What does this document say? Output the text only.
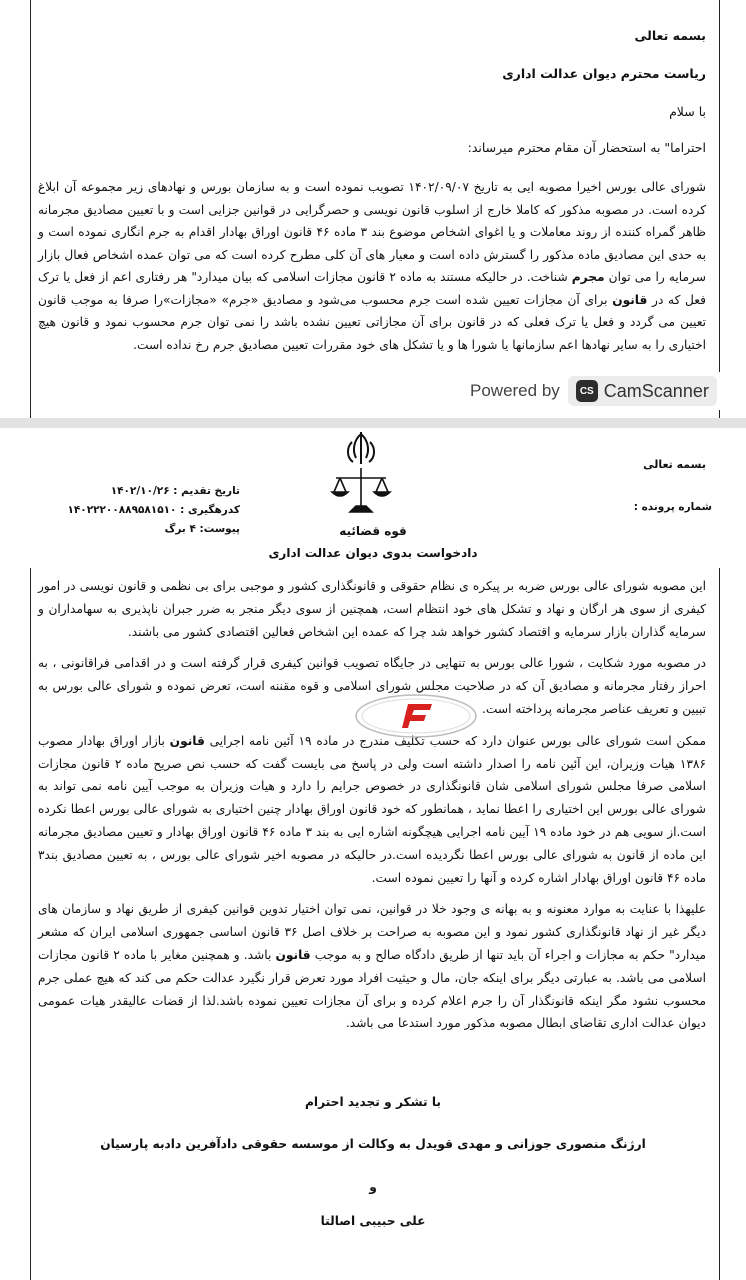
بسمه تعالی
ریاست محترم دیوان عدالت اداری
با سلام
احتراما" به استحضار آن مقام محترم میرساند:
شورای عالی بورس اخیرا مصوبه ایی به تاریخ ۱۴۰۲/۰۹/۰۷ تصویب نموده است و به سازمان بورس و نهادهای زیر مجموعه آن ابلاغ کرده است. در مصوبه مذکور که کاملا خارج از اسلوب قانون نویسی و حصرگرایی در قوانین جزایی است و با تعیین مصادیق مجرمانه ظاهر گمراه کننده از روند معاملات و یا اغوای اشخاص موضوع بند ۳ ماده ۴۶ قانون اوراق بهادار اقدام به جرم انگاری نموده است و به حدی این مصادیق ماده مذکور را گسترش داده است و معیار های آن کلی مطرح کرده است که می توان عمده اشخاص فعال بازار سرمایه را می توان مجرم شناخت. در حالیکه مستند به ماده ۲ قانون مجازات اسلامی که بیان میدارد" هر رفتاری اعم از فعل یا ترک فعل که در قانون برای آن مجازات تعیین شده است جرم محسوب می‌شود و مصادیق «جرم» «مجازات»را صرفا به موجب قانون تعیین می گردد و فعل یا ترک فعلی که در قانون برای آن مجازاتی تعیین نشده باشد را نمی توان جرم محسوب نمود و قانون هیچ اختیاری را به سایر نهادها اعم سازمانها یا شورا ها و یا تشکل های خود مقررات تعیین مصادیق جرم رخ نداده است.
Powered by	CS CamScanner
بسمه تعالی
شماره پرونده :
تاریخ تقدیم : ۱۴۰۲/۱۰/۲۶
کدرهگیری : ۱۴۰۲۲۲۰۰۸۸۹۵۸۱۵۱۰
پیوست: ۴ برگ	قوه قضائیه
دادخواست بدوی دیوان عدالت اداری

این مصوبه شورای عالی بورس ضربه بر پیکره ی نظام حقوقی و قانونگذاری کشور و موجبی برای بی نظمی و قانون نویسی در امور کیفری از سوی هر ارگان و نهاد و تشکل های خود انتظام است، همچنین از سوی دیگر منجر به ضرر جبران ناپذیری به سهامداران و سرمایه گذاران بازار سرمایه و اقتصاد کشور خواهد شد چرا که عمده این اشخاص فعالین اقتصادی کشور می باشند.

در مصوبه مورد شکایت ، شورا عالی بورس به تنهایی در جایگاه تصویب قوانین کیفری قرار گرفته است و در اقدامی فراقانونی ، به احراز رفتار مجرمانه و مصادیق آن که در صلاحیت مجلس شورای اسلامی و قوه مقننه است، تعرض نموده و شورای عالی بورس به تبیین و تعریف عناصر مجرمانه پرداخته است.

ممکن است شورای عالی بورس عنوان دارد که حسب تکلیف مندرج در ماده ۱۹ آئین نامه اجرایی قانون بازار اوراق بهادار مصوب ۱۳۸۶ هیات وزیران، این آئین نامه را اصدار داشته است ولی در پاسخ می بایست گفت که حسب نص صریح ماده ۲ قانون مجازات اسلامی صرفا مجلس شورای اسلامی شان قانونگذاری در خصوص جرایم را دارد و هیات وزیران به موجب آیین نامه نمی تواند به شورای عالی بورس این اختیاری را اعطا نماید ، همانطور که خود قانون اوراق بهادار چنین اختیاری به شورای عالی بورس اعطا نکرده است.از سویی هم در خود ماده ۱۹ آیین نامه اجرایی هیچگونه اشاره ایی به بند ۳ ماده ۴۶ قانون اوراق بهادار و تعیین مصادیق مجرمانه این ماده از قانون به شورای عالی بورس اعطا نگردیده است.در حالیکه در مصوبه اخیر شورای عالی بورس ، به تعیین مصادیق بند۳ ماده ۴۶ قانون اوراق بهادار اشاره کرده و آنها را تعیین نموده است.

علیهذا با عنایت به موارد معنونه و به بهانه ی وجود خلا در قوانین، نمی توان اختیار تدوین قوانین کیفری از طریق نهاد و سازمان های دیگر غیر از نهاد قانونگذاری کشور نمود و این مصوبه به صراحت بر خلاف اصل ۳۶ قانون اساسی جمهوری اسلامی ایران که مشعر میدارد" حکم به مجازات و اجراء آن باید تنها از طریق دادگاه صالح و به موجب قانون باشد. و همچنین مغایر با ماده ۲ قانون مجازات اسلامی می باشد. به عبارتی دیگر برای اینکه جان، مال و حیثیت افراد مورد تعرض قرار نگیرد عدالت حکم می کند که هیچ عملی جرم محسوب نشود مگر اینکه قانونگذار آن را جرم اعلام کرده و برای آن مجازات تعیین نموده باشد.لذا از قضات عالیقدر هیات عمومی دیوان عدالت اداری تقاضای ابطال مصوبه مذکور مورد استدعا می باشد.

با تشکر و تجدید احترام
ارژنگ منصوری جوزانی و مهدی قویدل به وکالت از موسسه حقوقی دادآفرین دادبه پارسیان
و
علی حبیبی اصالتا
